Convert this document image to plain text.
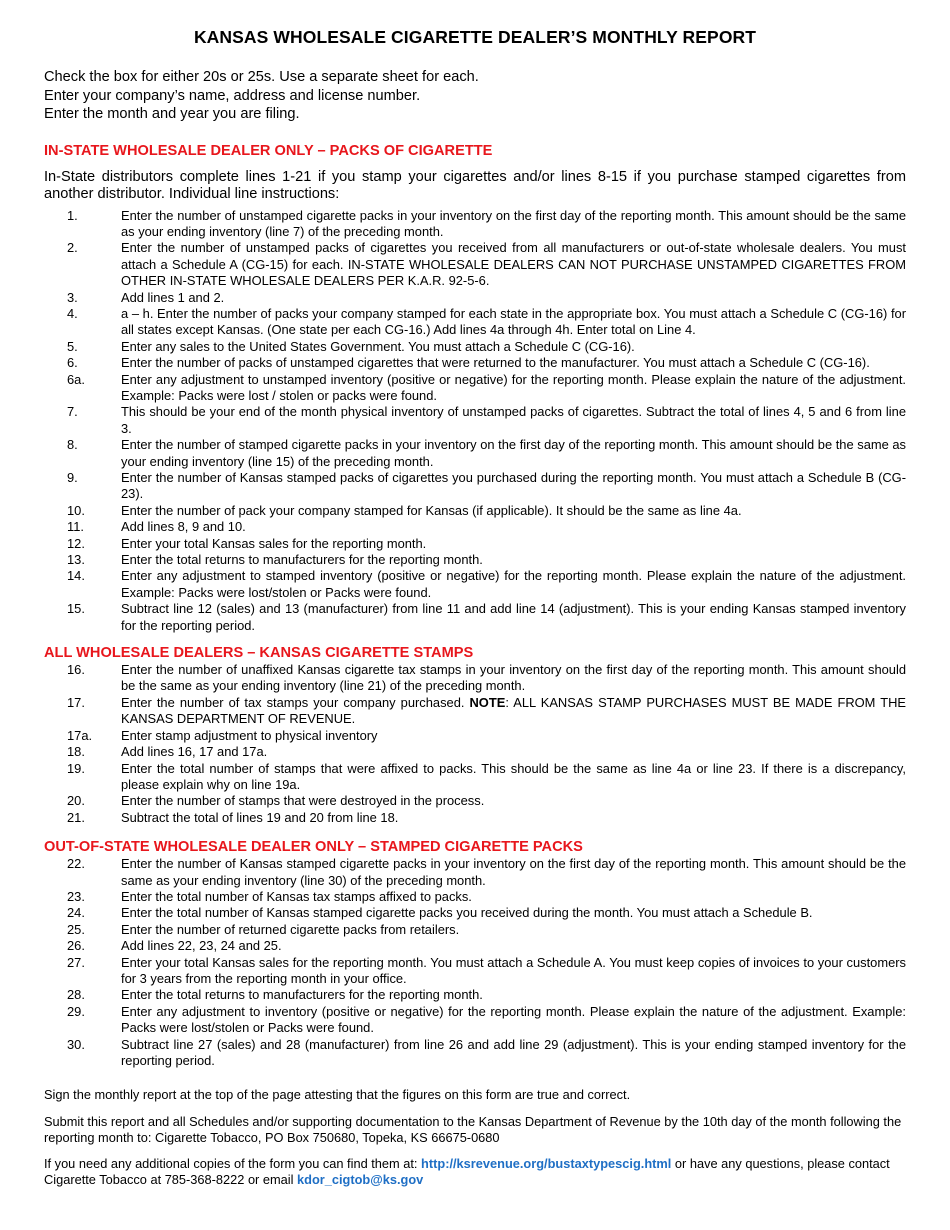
KANSAS WHOLESALE CIGARETTE DEALER’S MONTHLY REPORT

Check the box for either 20s or 25s. Use a separate sheet for each.

Enter your company’s name, address and license number.

Enter the month and year you are filing.

IN-STATE WHOLESALE DEALER ONLY – PACKS OF CIGARETTE

In-State distributors complete lines 1-21 if you stamp your cigarettes and/or lines 8-15 if you purchase stamped cigarettes from another distributor. Individual line instructions:

1.	Enter the number of unstamped cigarette packs in your inventory on the first day of the reporting month. This amount should be the same as your ending inventory (line 7) of the preceding month.
2.	Enter the number of unstamped packs of cigarettes you received from all manufacturers or out-of-state wholesale dealers. You must attach a Schedule A (CG-15) for each. IN-STATE WHOLESALE DEALERS CAN NOT PURCHASE UNSTAMPED CIGARETTES FROM OTHER IN-STATE WHOLESALE DEALERS PER K.A.R. 92-5-6.
3.	Add lines 1 and 2.
4.	a – h. Enter the number of packs your company stamped for each state in the appropriate box. You must attach a Schedule C (CG-16) for all states except Kansas. (One state per each CG-16.) Add lines 4a through 4h. Enter total on Line 4.
5.	Enter any sales to the United States Government. You must attach a Schedule C (CG-16).
6.	Enter the number of packs of unstamped cigarettes that were returned to the manufacturer. You must attach a Schedule C (CG-16).
6a.	Enter any adjustment to unstamped inventory (positive or negative) for the reporting month. Please explain the nature of the adjustment. Example: Packs were lost / stolen or packs were found.
7.	This should be your end of the month physical inventory of unstamped packs of cigarettes. Subtract the total of lines 4, 5 and 6 from line 3.
8.	Enter the number of stamped cigarette packs in your inventory on the first day of the reporting month. This amount should be the same as your ending inventory (line 15) of the preceding month.
9.	Enter the number of Kansas stamped packs of cigarettes you purchased during the reporting month. You must attach a Schedule B (CG-23).
10.	Enter the number of pack your company stamped for Kansas (if applicable). It should be the same as line 4a.
11.	Add lines 8, 9 and 10.
12.	Enter your total Kansas sales for the reporting month.
13.	Enter the total returns to manufacturers for the reporting month.
14.	Enter any adjustment to stamped inventory (positive or negative) for the reporting month. Please explain the nature of the adjustment. Example: Packs were lost/stolen or Packs were found.
15.	Subtract line 12 (sales) and 13 (manufacturer) from line 11 and add line 14 (adjustment). This is your ending Kansas stamped inventory for the reporting period.
ALL WHOLESALE DEALERS – KANSAS CIGARETTE STAMPS
16.	Enter the number of unaffixed Kansas cigarette tax stamps in your inventory on the first day of the reporting month. This amount should be the same as your ending inventory (line 21) of the preceding month.
17.	Enter the number of tax stamps your company purchased. NOTE: ALL KANSAS STAMP PURCHASES MUST BE MADE FROM THE KANSAS DEPARTMENT OF REVENUE.
17a.	Enter stamp adjustment to physical inventory
18.	Add lines 16, 17 and 17a.
19.	Enter the total number of stamps that were affixed to packs. This should be the same as line 4a or line 23. If there is a discrepancy, please explain why on line 19a.
20.	Enter the number of stamps that were destroyed in the process.
21.	Subtract the total of lines 19 and 20 from line 18.
OUT-OF-STATE WHOLESALE DEALER ONLY – STAMPED CIGARETTE PACKS
22.	Enter the number of Kansas stamped cigarette packs in your inventory on the first day of the reporting month. This amount should be the same as your ending inventory (line 30) of the preceding month.
23.	Enter the total number of Kansas tax stamps affixed to packs.
24.	Enter the total number of Kansas stamped cigarette packs you received during the month. You must attach a Schedule B.
25.	Enter the number of returned cigarette packs from retailers.
26.	Add lines 22, 23, 24 and 25.
27.	Enter your total Kansas sales for the reporting month. You must attach a Schedule A. You must keep copies of invoices to your customers for 3 years from the reporting month in your office.
28.	Enter the total returns to manufacturers for the reporting month.
29.	Enter any adjustment to inventory (positive or negative) for the reporting month. Please explain the nature of the adjustment. Example: Packs were lost/stolen or Packs were found.
30.	Subtract line 27 (sales) and 28 (manufacturer) from line 26 and add line 29 (adjustment). This is your ending stamped inventory for the reporting period.

Sign the monthly report at the top of the page attesting that the figures on this form are true and correct.

Submit this report and all Schedules and/or supporting documentation to the Kansas Department of Revenue by the 10th day of the month following the reporting month to: Cigarette Tobacco, PO Box 750680, Topeka, KS 66675-0680

If you need any additional copies of the form you can find them at: http://ksrevenue.org/bustaxtypescig.html or have any questions, please contact Cigarette Tobacco at 785-368-8222 or email kdor_cigtob@ks.gov
